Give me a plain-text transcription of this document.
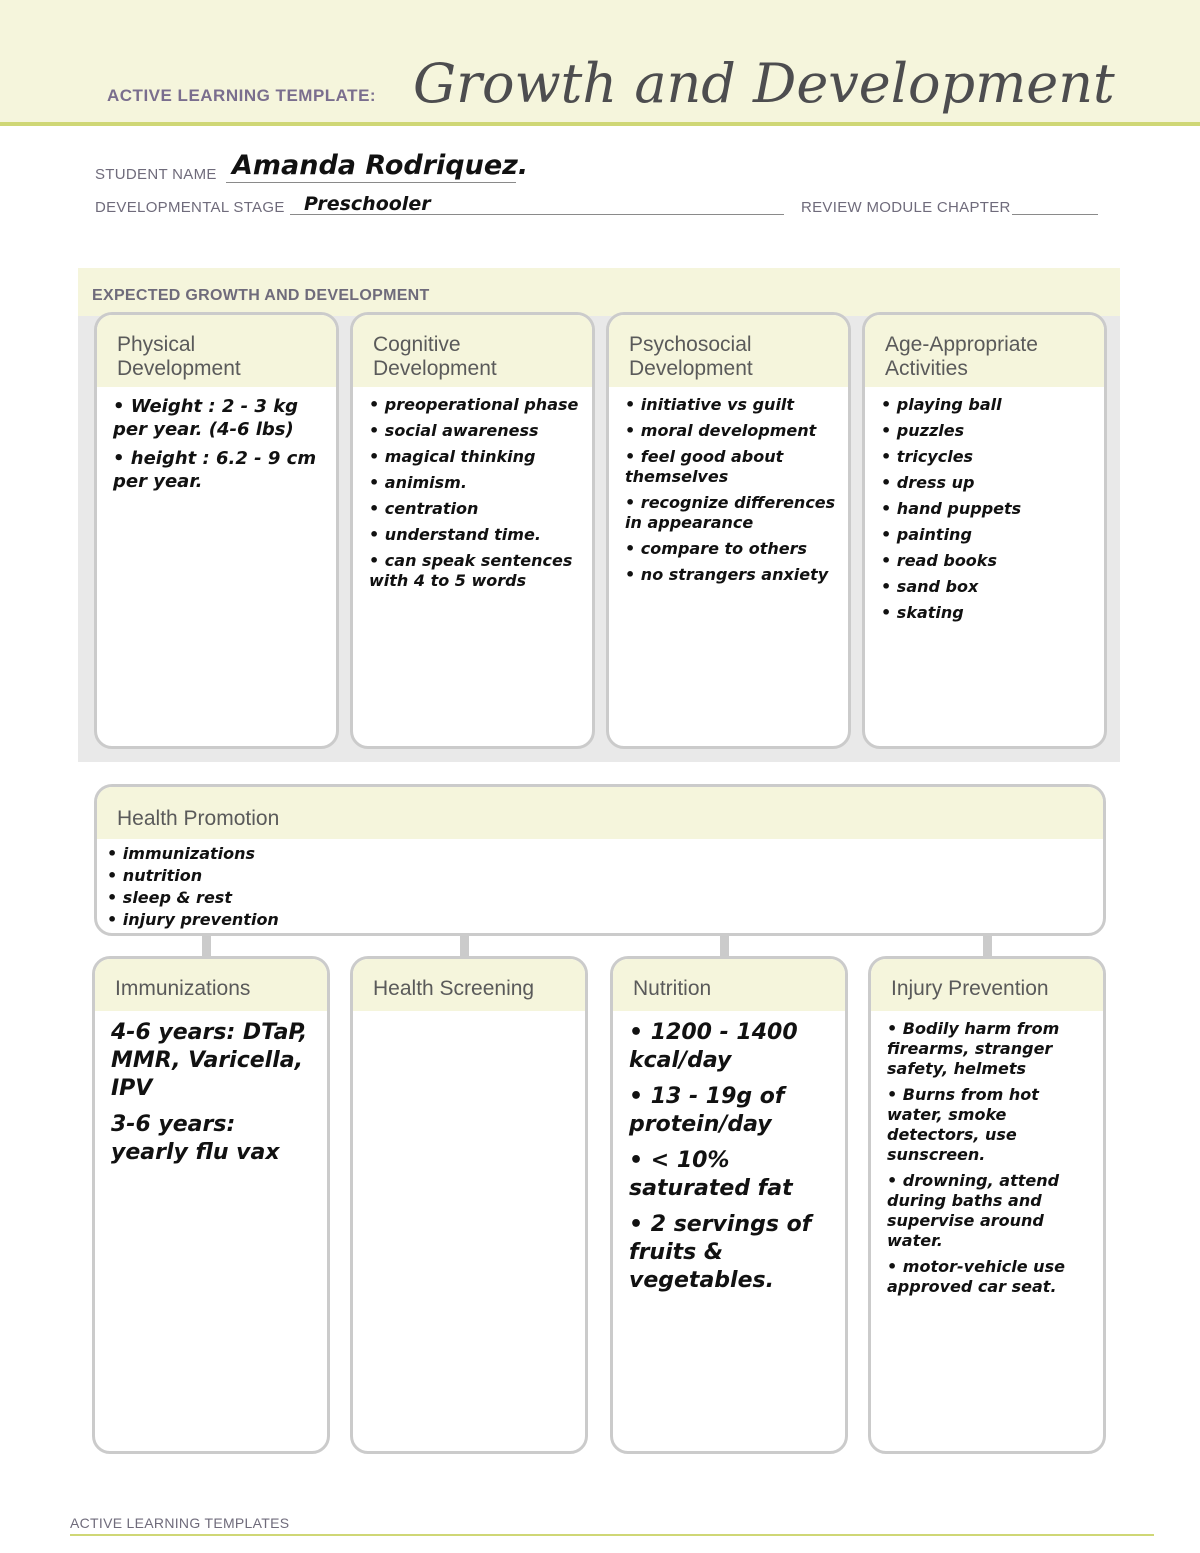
ACTIVE LEARNING TEMPLATE: Growth and Development
STUDENT NAME Amanda Rodriquez.
DEVELOPMENTAL STAGE Preschooler	REVIEW MODULE CHAPTER
EXPECTED GROWTH AND DEVELOPMENT
Physical
Development
• Weight : 2 - 3 kg per year. (4-6 lbs)
• height : 6.2 - 9 cm per year.
Cognitive
Development
• preoperational phase
• social awareness
• magical thinking
• animism.
• centration
• understand time.
• can speak sentences with 4 to 5 words
Psychosocial
Development
• initiative vs guilt
• moral development
• feel good about themselves
• recognize differences in appearance
• compare to others
• no strangers anxiety
Age-Appropriate
Activities
• playing ball
• puzzles
• tricycles
• dress up
• hand puppets
• painting
• read books
• sand box
• skating
Health Promotion
• immunizations
• nutrition
• sleep & rest
• injury prevention
Immunizations
4-6 years: DTaP, MMR, Varicella, IPV
3-6 years: yearly flu vax
Health Screening	Nutrition
• 1200 - 1400 kcal/day
• 13 - 19g of protein/day
• < 10% saturated fat
• 2 servings of fruits & vegetables.
Injury Prevention
• Bodily harm from firearms, stranger safety, helmets
• Burns from hot water, smoke detectors, use sunscreen.
• drowning, attend during baths and supervise around water.
• motor-vehicle use approved car seat.
ACTIVE LEARNING TEMPLATES
